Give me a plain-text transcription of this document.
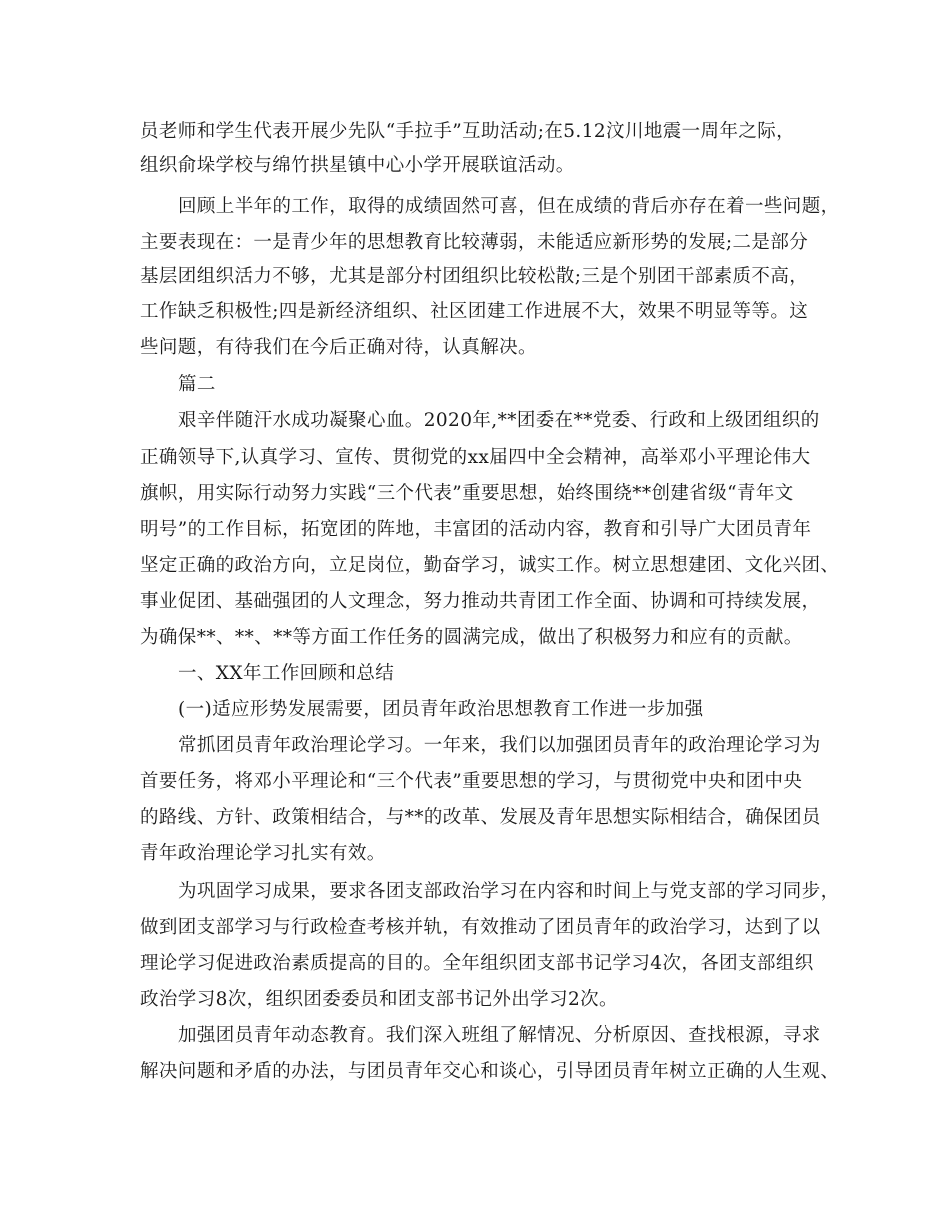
员老师和学生代表开展少先队“手拉手”互助活动;在5.12汶川地震一周年之际，
组织俞垛学校与绵竹拱星镇中心小学开展联谊活动。
回顾上半年的工作，取得的成绩固然可喜，但在成绩的背后亦存在着一些问题，
主要表现在：一是青少年的思想教育比较薄弱，未能适应新形势的发展;二是部分
基层团组织活力不够，尤其是部分村团组织比较松散;三是个别团干部素质不高，
工作缺乏积极性;四是新经济组织、社区团建工作进展不大，效果不明显等等。这
些问题，有待我们在今后正确对待，认真解决。
篇二
艰辛伴随汗水成功凝聚心血。2020年,**团委在**党委、行政和上级团组织的
正确领导下,认真学习、宣传、贯彻党的xx届四中全会精神，高举邓小平理论伟大
旗帜，用实际行动努力实践“三个代表”重要思想，始终围绕**创建省级“青年文
明号”的工作目标，拓宽团的阵地，丰富团的活动内容，教育和引导广大团员青年
坚定正确的政治方向，立足岗位，勤奋学习，诚实工作。树立思想建团、文化兴团、
事业促团、基础强团的人文理念，努力推动共青团工作全面、协调和可持续发展，
为确保**、**、**等方面工作任务的圆满完成，做出了积极努力和应有的贡献。
一、XX年工作回顾和总结
(一)适应形势发展需要，团员青年政治思想教育工作进一步加强
常抓团员青年政治理论学习。一年来，我们以加强团员青年的政治理论学习为
首要任务，将邓小平理论和“三个代表”重要思想的学习，与贯彻党中央和团中央
的路线、方针、政策相结合，与**的改革、发展及青年思想实际相结合，确保团员
青年政治理论学习扎实有效。
为巩固学习成果，要求各团支部政治学习在内容和时间上与党支部的学习同步，
做到团支部学习与行政检查考核并轨，有效推动了团员青年的政治学习，达到了以
理论学习促进政治素质提高的目的。全年组织团支部书记学习4次，各团支部组织
政治学习8次，组织团委委员和团支部书记外出学习2次。
加强团员青年动态教育。我们深入班组了解情况、分析原因、查找根源，寻求
解决问题和矛盾的办法，与团员青年交心和谈心，引导团员青年树立正确的人生观、
